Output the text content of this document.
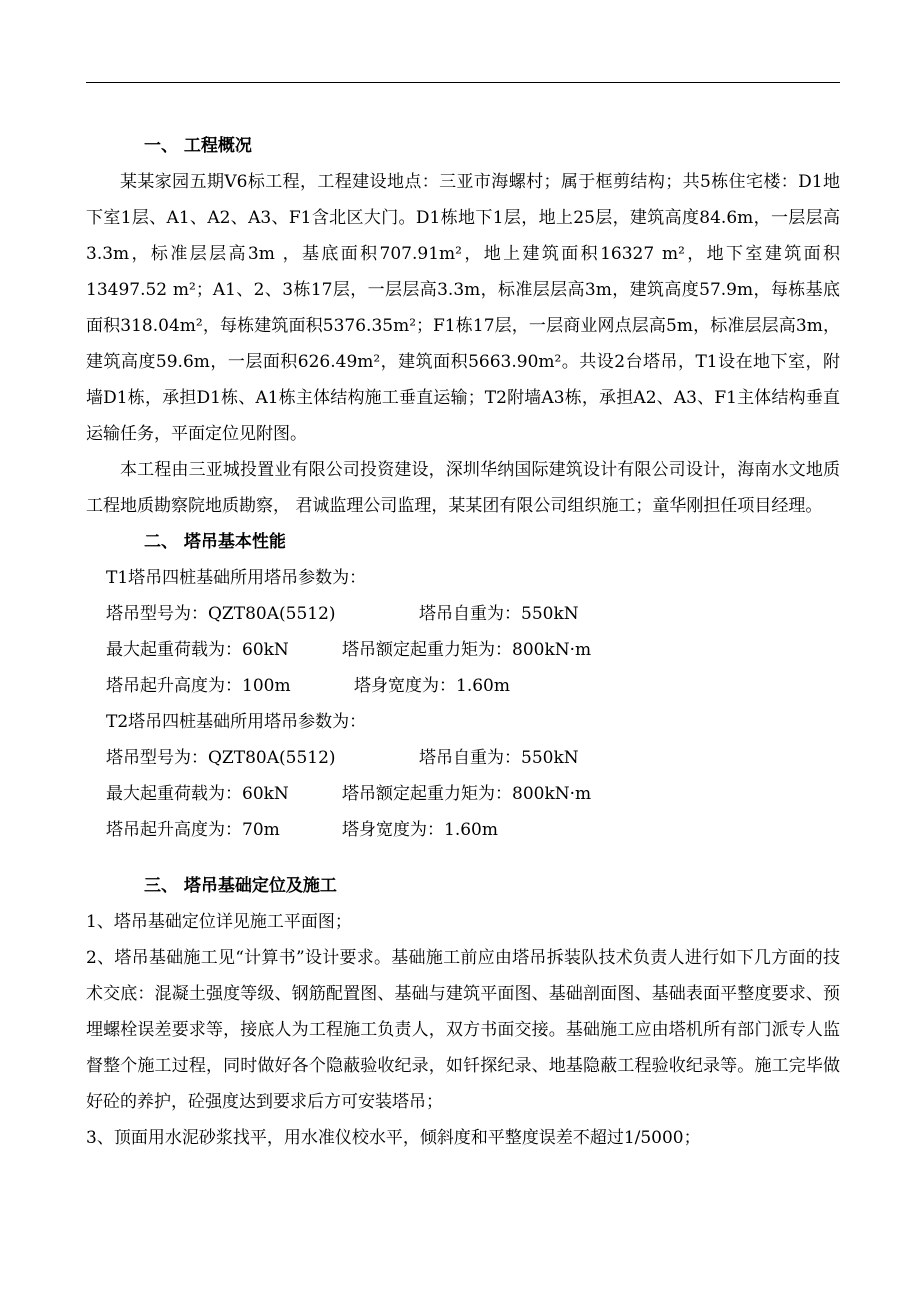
一、 工程概况

某某家园五期V6标工程，工程建设地点：三亚市海螺村；属于框剪结构；共5栋住宅楼：D1地下室1层、A1、A2、A3、F1含北区大门。D1栋地下1层，地上25层，建筑高度84.6m，一层层高3.3m，标准层层高3m ，基底面积707.91m²，地上建筑面积16327 m²，地下室建筑面积13497.52 m²；A1、2、3栋17层，一层层高3.3m，标准层层高3m，建筑高度57.9m，每栋基底面积318.04m²，每栋建筑面积5376.35m²；F1栋17层，一层商业网点层高5m，标准层层高3m，建筑高度59.6m，一层面积626.49m²，建筑面积5663.90m²。共设2台塔吊，T1设在地下室，附墙D1栋，承担D1栋、A1栋主体结构施工垂直运输；T2附墙A3栋，承担A2、A3、F1主体结构垂直运输任务，平面定位见附图。

本工程由三亚城投置业有限公司投资建设，深圳华纳国际建筑设计有限公司设计，海南水文地质工程地质勘察院地质勘察， 君诚监理公司监理，某某团有限公司组织施工；童华刚担任项目经理。

二、 塔吊基本性能
T1塔吊四桩基础所用塔吊参数为：
塔吊型号为：QZT80A(5512)	塔吊自重为：550kN
最大起重荷载为：60kN	塔吊额定起重力矩为：800kN·m
塔吊起升高度为：100m	塔身宽度为：1.60m
T2塔吊四桩基础所用塔吊参数为：
塔吊型号为：QZT80A(5512)	塔吊自重为：550kN
最大起重荷载为：60kN	塔吊额定起重力矩为：800kN·m
塔吊起升高度为：70m	塔身宽度为：1.60m
三、 塔吊基础定位及施工

1、塔吊基础定位详见施工平面图；

2、塔吊基础施工见“计算书”设计要求。基础施工前应由塔吊拆装队技术负责人进行如下几方面的技术交底：混凝土强度等级、钢筋配置图、基础与建筑平面图、基础剖面图、基础表面平整度要求、预埋螺栓误差要求等，接底人为工程施工负责人，双方书面交接。基础施工应由塔机所有部门派专人监督整个施工过程，同时做好各个隐蔽验收纪录，如钎探纪录、地基隐蔽工程验收纪录等。施工完毕做好砼的养护，砼强度达到要求后方可安装塔吊；

3、顶面用水泥砂浆找平，用水准仪校水平，倾斜度和平整度误差不超过1/5000；
